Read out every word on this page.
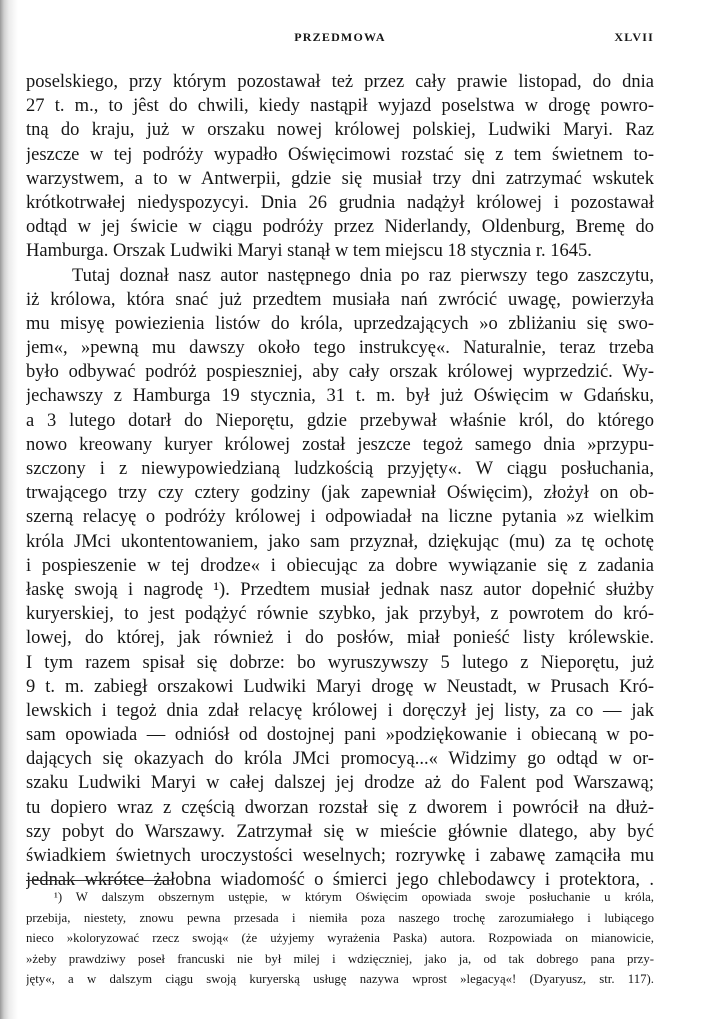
PRZEDMOWA	XLVII
poselskiego, przy którym pozostawał też przez cały prawie listopad, do dnia
27 t. m., to jêst do chwili, kiedy nastąpił wyjazd poselstwa w drogę powro-
tną do kraju, już w orszaku nowej królowej polskiej, Ludwiki Maryi. Raz
jeszcze w tej podróży wypadło Oświęcimowi rozstać się z tem świetnem to-
warzystwem, a to w Antwerpii, gdzie się musiał trzy dni zatrzymać wskutek
krótkotrwałej niedyspozycyi. Dnia 26 grudnia nadążył królowej i pozostawał
odtąd w jej świcie w ciągu podróży przez Niderlandy, Oldenburg, Bremę do
Hamburga. Orszak Ludwiki Maryi stanął w tem miejscu 18 stycznia r. 1645.
Tutaj doznał nasz autor następnego dnia po raz pierwszy tego zaszczytu,
iż królowa, która snać już przedtem musiała nań zwrócić uwagę, powierzyła
mu misyę powiezienia listów do króla, uprzedzających »o zbliżaniu się swo-
jem«, »pewną mu dawszy około tego instrukcyę«. Naturalnie, teraz trzeba
było odbywać podróż pospieszniej, aby cały orszak królowej wyprzedzić. Wy-
jechawszy z Hamburga 19 stycznia, 31 t. m. był już Oświęcim w Gdańsku,
a 3 lutego dotarł do Nieporętu, gdzie przebywał właśnie król, do którego
nowo kreowany kuryer królowej został jeszcze tegoż samego dnia »przypu-
szczony i z niewypowiedzianą ludzkością przyjęty«. W ciągu posłuchania,
trwającego trzy czy cztery godziny (jak zapewniał Oświęcim), złożył on ob-
szerną relacyę o podróży królowej i odpowiadał na liczne pytania »z wielkim
króla JMci ukontentowaniem, jako sam przyznał, dziękując (mu) za tę ochotę
i pospieszenie w tej drodze« i obiecując za dobre wywiązanie się z zadania
łaskę swoją i nagrodę ¹). Przedtem musiał jednak nasz autor dopełnić służby
kuryerskiej, to jest podążyć równie szybko, jak przybył, z powrotem do kró-
lowej, do której, jak również i do posłów, miał ponieść listy królewskie.
I tym razem spisał się dobrze: bo wyruszywszy 5 lutego z Nieporętu, już
9 t. m. zabiegł orszakowi Ludwiki Maryi drogę w Neustadt, w Prusach Kró-
lewskich i tegoż dnia zdał relacyę królowej i doręczył jej listy, za co — jak
sam opowiada — odniósł od dostojnej pani »podziękowanie i obiecaną w po-
dających się okazyach do króla JMci promocyą...« Widzimy go odtąd w or-
szaku Ludwiki Maryi w całej dalszej jej drodze aż do Falent pod Warszawą;
tu dopiero wraz z częścią dworzan rozstał się z dworem i powrócił na dłuż-
szy pobyt do Warszawy. Zatrzymał się w mieście głównie dlatego, aby być
świadkiem świetnych uroczystości weselnych; rozrywkę i zabawę zamąciła mu
jednak wkrótce żałobna wiadomość o śmierci jego chlebodawcy i protektora, .
¹) W dalszym obszernym ustępie, w którym Oświęcim opowiada swoje posłuchanie u króla,
przebija, niestety, znowu pewna przesada i niemiła poza naszego trochę zarozumiałego i lubiącego
nieco »koloryzować rzecz swoją« (że użyjemy wyrażenia Paska) autora. Rozpowiada on mianowicie,
»żeby prawdziwy poseł francuski nie był milej i wdzięczniej, jako ja, od tak dobrego pana przy-
jęty«, a w dalszym ciągu swoją kuryerską usługę nazywa wprost »legacyą«! (Dyaryusz, str. 117).
